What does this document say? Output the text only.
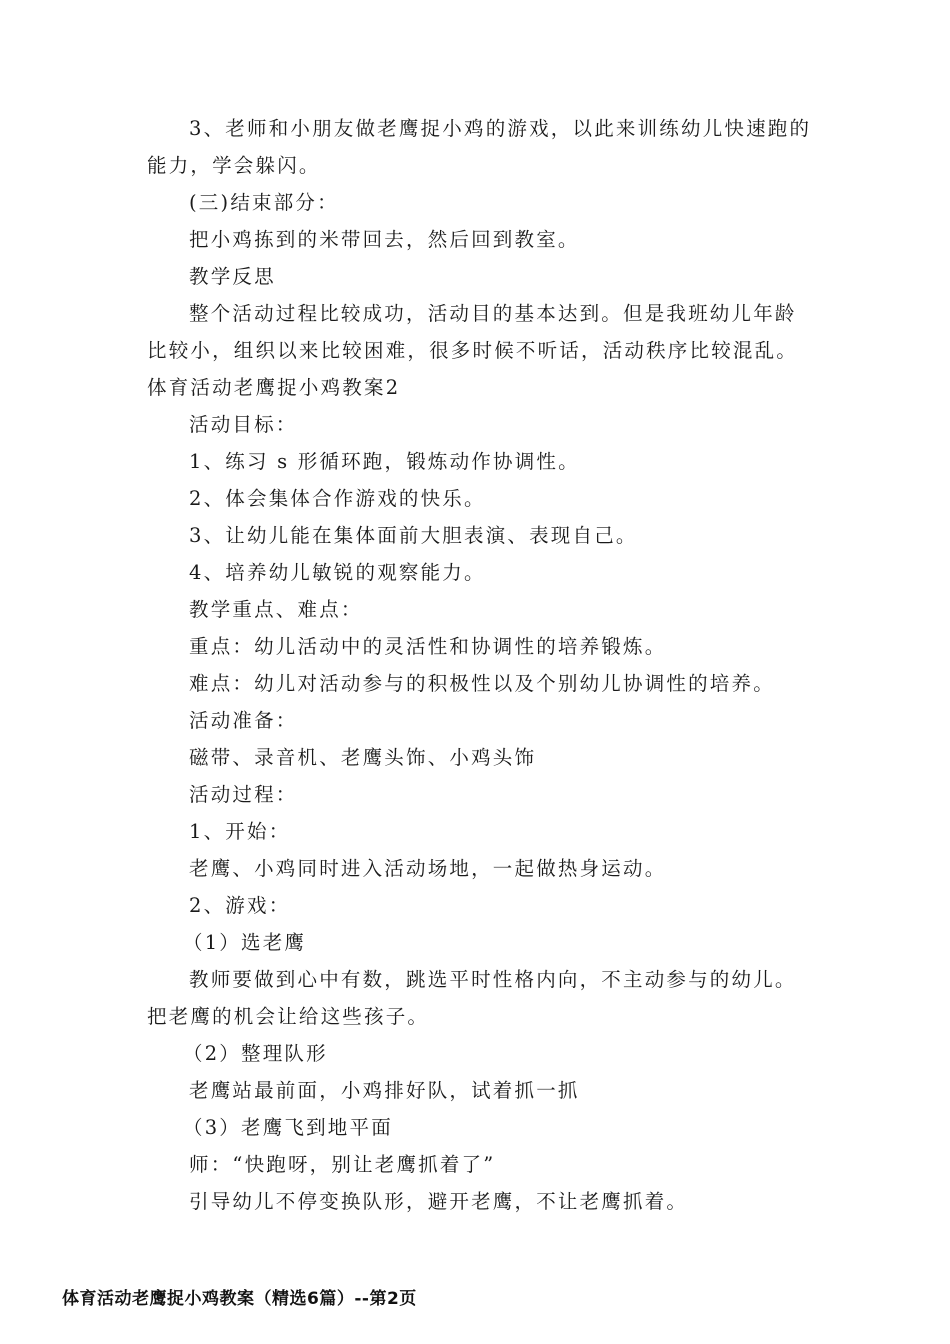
3、老师和小朋友做老鹰捉小鸡的游戏，以此来训练幼儿快速跑的
能力，学会躲闪。
(三)结束部分：
把小鸡拣到的米带回去，然后回到教室。
教学反思
整个活动过程比较成功，活动目的基本达到。但是我班幼儿年龄
比较小，组织以来比较困难，很多时候不听话，活动秩序比较混乱。
体育活动老鹰捉小鸡教案2
活动目标：
1、练习 s 形循环跑，锻炼动作协调性。
2、体会集体合作游戏的快乐。
3、让幼儿能在集体面前大胆表演、表现自己。
4、培养幼儿敏锐的观察能力。
教学重点、难点：
重点：幼儿活动中的灵活性和协调性的培养锻炼。
难点：幼儿对活动参与的积极性以及个别幼儿协调性的培养。
活动准备：
磁带、录音机、老鹰头饰、小鸡头饰
活动过程：
1、开始：
老鹰、小鸡同时进入活动场地，一起做热身运动。
2、游戏：
（1）选老鹰
教师要做到心中有数，跳选平时性格内向，不主动参与的幼儿。
把老鹰的机会让给这些孩子。
（2）整理队形
老鹰站最前面，小鸡排好队，试着抓一抓
（3）老鹰飞到地平面
师：“快跑呀，别让老鹰抓着了”
引导幼儿不停变换队形，避开老鹰，不让老鹰抓着。
体育活动老鹰捉小鸡教案（精选6篇）--第2页
